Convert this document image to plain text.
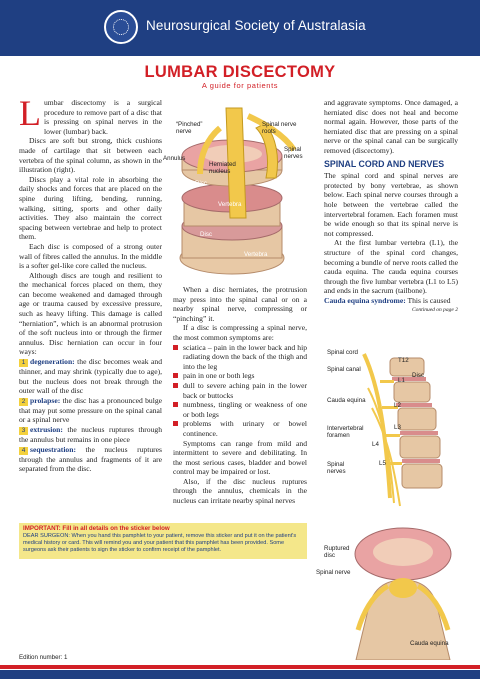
Neurosurgical Society of Australasia
LUMBAR DISCECTOMY
A guide for patients

Lumbar discectomy is a surgical procedure to remove part of a disc that is pressing on spinal nerves in the lower (lumbar) back.

Discs are soft but strong, thick cushions made of cartilage that sit between each vertebra of the spinal column, as shown in the illustration (right).

Discs play a vital role in absorbing the daily shocks and forces that are placed on the spine during lifting, bending, running, walking, sitting, sports and other daily activities. They also maintain the correct spacing between vertebrae and help to protect them.

Each disc is composed of a strong outer wall of fibres called the annulus. In the middle is a softer gel-like core called the nucleus.

Although discs are tough and resilient to the mechanical forces placed on them, they can become weakened and damaged through age or trauma caused by excessive pressure, such as heavy lifting. This damage is called “herniation”, which is an abnormal protrusion of the soft nucleus into or through the firmer annulus. Disc herniation can occur in four ways:

1 degeneration: the disc becomes weak and thinner, and may shrink (typically due to age), but the nucleus does not break through the outer wall of the disc

2 prolapse: the disc has a pronounced bulge that may put some pressure on the spinal canal or a spinal nerve

3 extrusion: the nucleus ruptures through the annulus but remains in one piece

4 sequestration: the nucleus ruptures through the annulus and fragments of it are separated from the disc.

“Pinched” nerve
Spinal nerve roots
Annulus
Herniated nucleus
Spinal nerves
Disc
Vertebra
Disc
Vertebra

When a disc herniates, the protrusion may press into the spinal canal or on a nearby spinal nerve, compressing or “pinching” it.

If a disc is compressing a spinal nerve, the most common symptoms are:

sciatica – pain in the lower back and hip radiating down the back of the thigh and into the leg

pain in one or both legs

dull to severe aching pain in the lower back or buttocks

numbness, tingling or weakness of one or both legs

problems with urinary or bowel continence.

Symptoms can range from mild and intermittent to severe and debilitating. In the most serious cases, bladder and bowel control may be impaired or lost.

Also, if the disc nucleus ruptures through the annulus, chemicals in the nucleus can irritate nearby spinal nerves

and aggravate symptoms. Once damaged, a herniated disc does not heal and become normal again. However, those parts of the herniated disc that are pressing on a spinal nerve or the spinal canal can be surgically removed (discectomy).

SPINAL CORD AND NERVES

The spinal cord and spinal nerves are protected by bony vertebrae, as shown below. Each spinal nerve courses through a hole between the vertebrae called the intervertebral foramen. Each foramen must be wide enough so that its spinal nerve is not compressed.

At the first lumbar vertebra (L1), the structure of the spinal cord changes, becoming a bundle of nerve roots called the cauda equina. The cauda equina courses through the five lumbar vertebra (L1 to L5) and ends in the sacrum (tailbone).

Cauda equina syndrome: This is caused

Continued on page 2
Spinal cord
Spinal canal
Cauda equina
Intervertebral foramen
Spinal nerves
Disc
T12
L1
L2
L3
L4
L5
Ruptured disc
Spinal nerve
Cauda equina
IMPORTANT: Fill in all details on the sticker below
DEAR SURGEON: When you hand this pamphlet to your patient, remove this sticker and put it on the patient's medical history or card. This will remind you and your patient that this pamphlet has been provided. Some surgeons ask their patients to sign the sticker to confirm receipt of the pamphlet.
Edition number: 1
